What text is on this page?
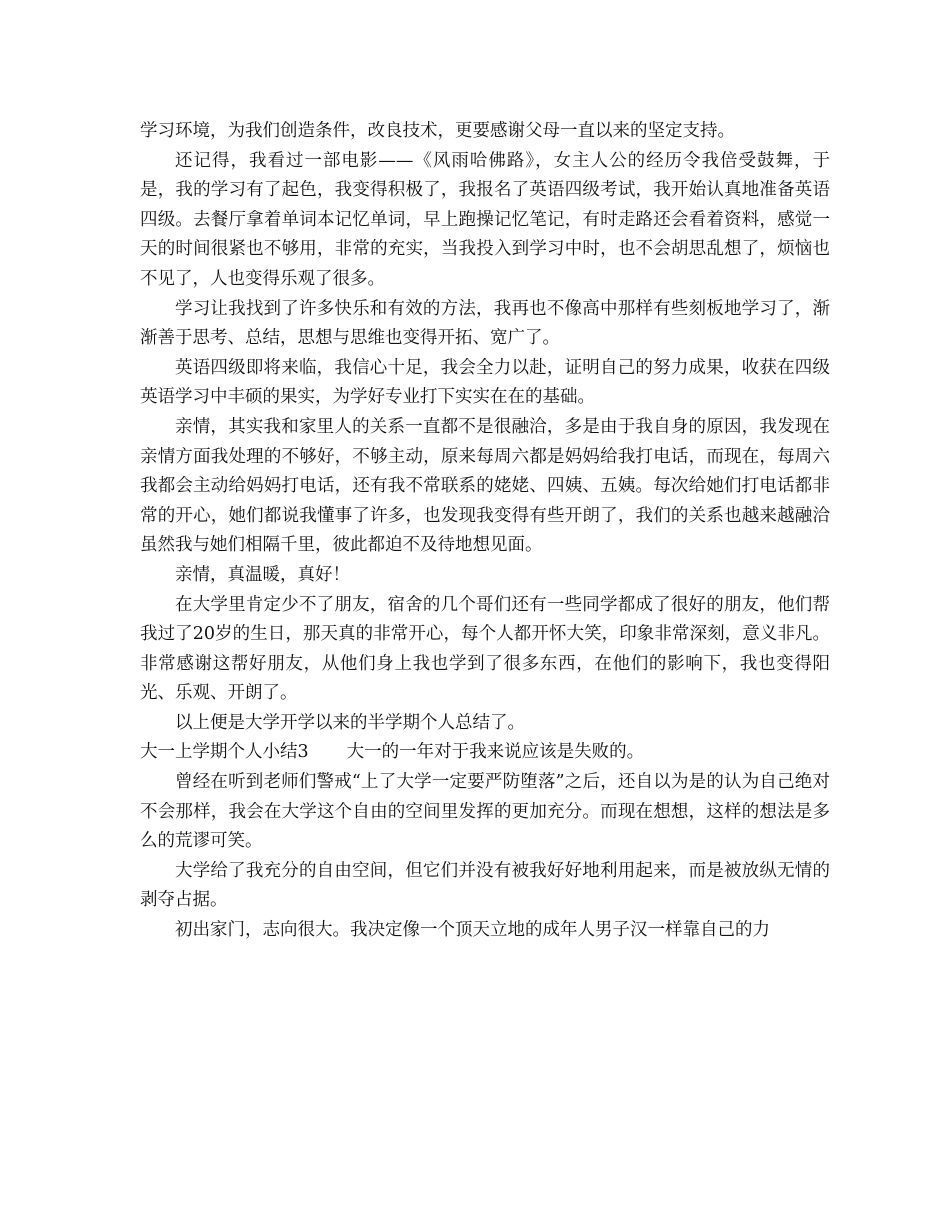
学习环境，为我们创造条件，改良技术，更要感谢父母一直以来的坚定支持。

还记得，我看过一部电影——《风雨哈佛路》，女主人公的经历令我倍受鼓舞，于是，我的学习有了起色，我变得积极了，我报名了英语四级考试，我开始认真地准备英语四级。去餐厅拿着单词本记忆单词，早上跑操记忆笔记，有时走路还会看着资料，感觉一天的时间很紧也不够用，非常的充实，当我投入到学习中时，也不会胡思乱想了，烦恼也不见了，人也变得乐观了很多。

学习让我找到了许多快乐和有效的方法，我再也不像高中那样有些刻板地学习了，渐渐善于思考、总结，思想与思维也变得开拓、宽广了。

英语四级即将来临，我信心十足，我会全力以赴，证明自己的努力成果，收获在四级英语学习中丰硕的果实，为学好专业打下实实在在的基础。

亲情，其实我和家里人的关系一直都不是很融洽，多是由于我自身的原因，我发现在亲情方面我处理的不够好，不够主动，原来每周六都是妈妈给我打电话，而现在，每周六我都会主动给妈妈打电话，还有我不常联系的姥姥、四姨、五姨。每次给她们打电话都非常的开心，她们都说我懂事了许多，也发现我变得有些开朗了，我们的关系也越来越融洽虽然我与她们相隔千里，彼此都迫不及待地想见面。

亲情，真温暖，真好！

在大学里肯定少不了朋友，宿舍的几个哥们还有一些同学都成了很好的朋友，他们帮我过了20岁的生日，那天真的非常开心，每个人都开怀大笑，印象非常深刻，意义非凡。非常感谢这帮好朋友，从他们身上我也学到了很多东西，在他们的影响下，我也变得阳光、乐观、开朗了。

以上便是大学开学以来的半学期个人总结了。

大一上学期个人小结3 大一的一年对于我来说应该是失败的。

曾经在听到老师们警戒“上了大学一定要严防堕落”之后，还自以为是的认为自己绝对不会那样，我会在大学这个自由的空间里发挥的更加充分。而现在想想，这样的想法是多么的荒谬可笑。

大学给了我充分的自由空间，但它们并没有被我好好地利用起来，而是被放纵无情的剥夺占据。

初出家门，志向很大。我决定像一个顶天立地的成年人男子汉一样靠自己的力
